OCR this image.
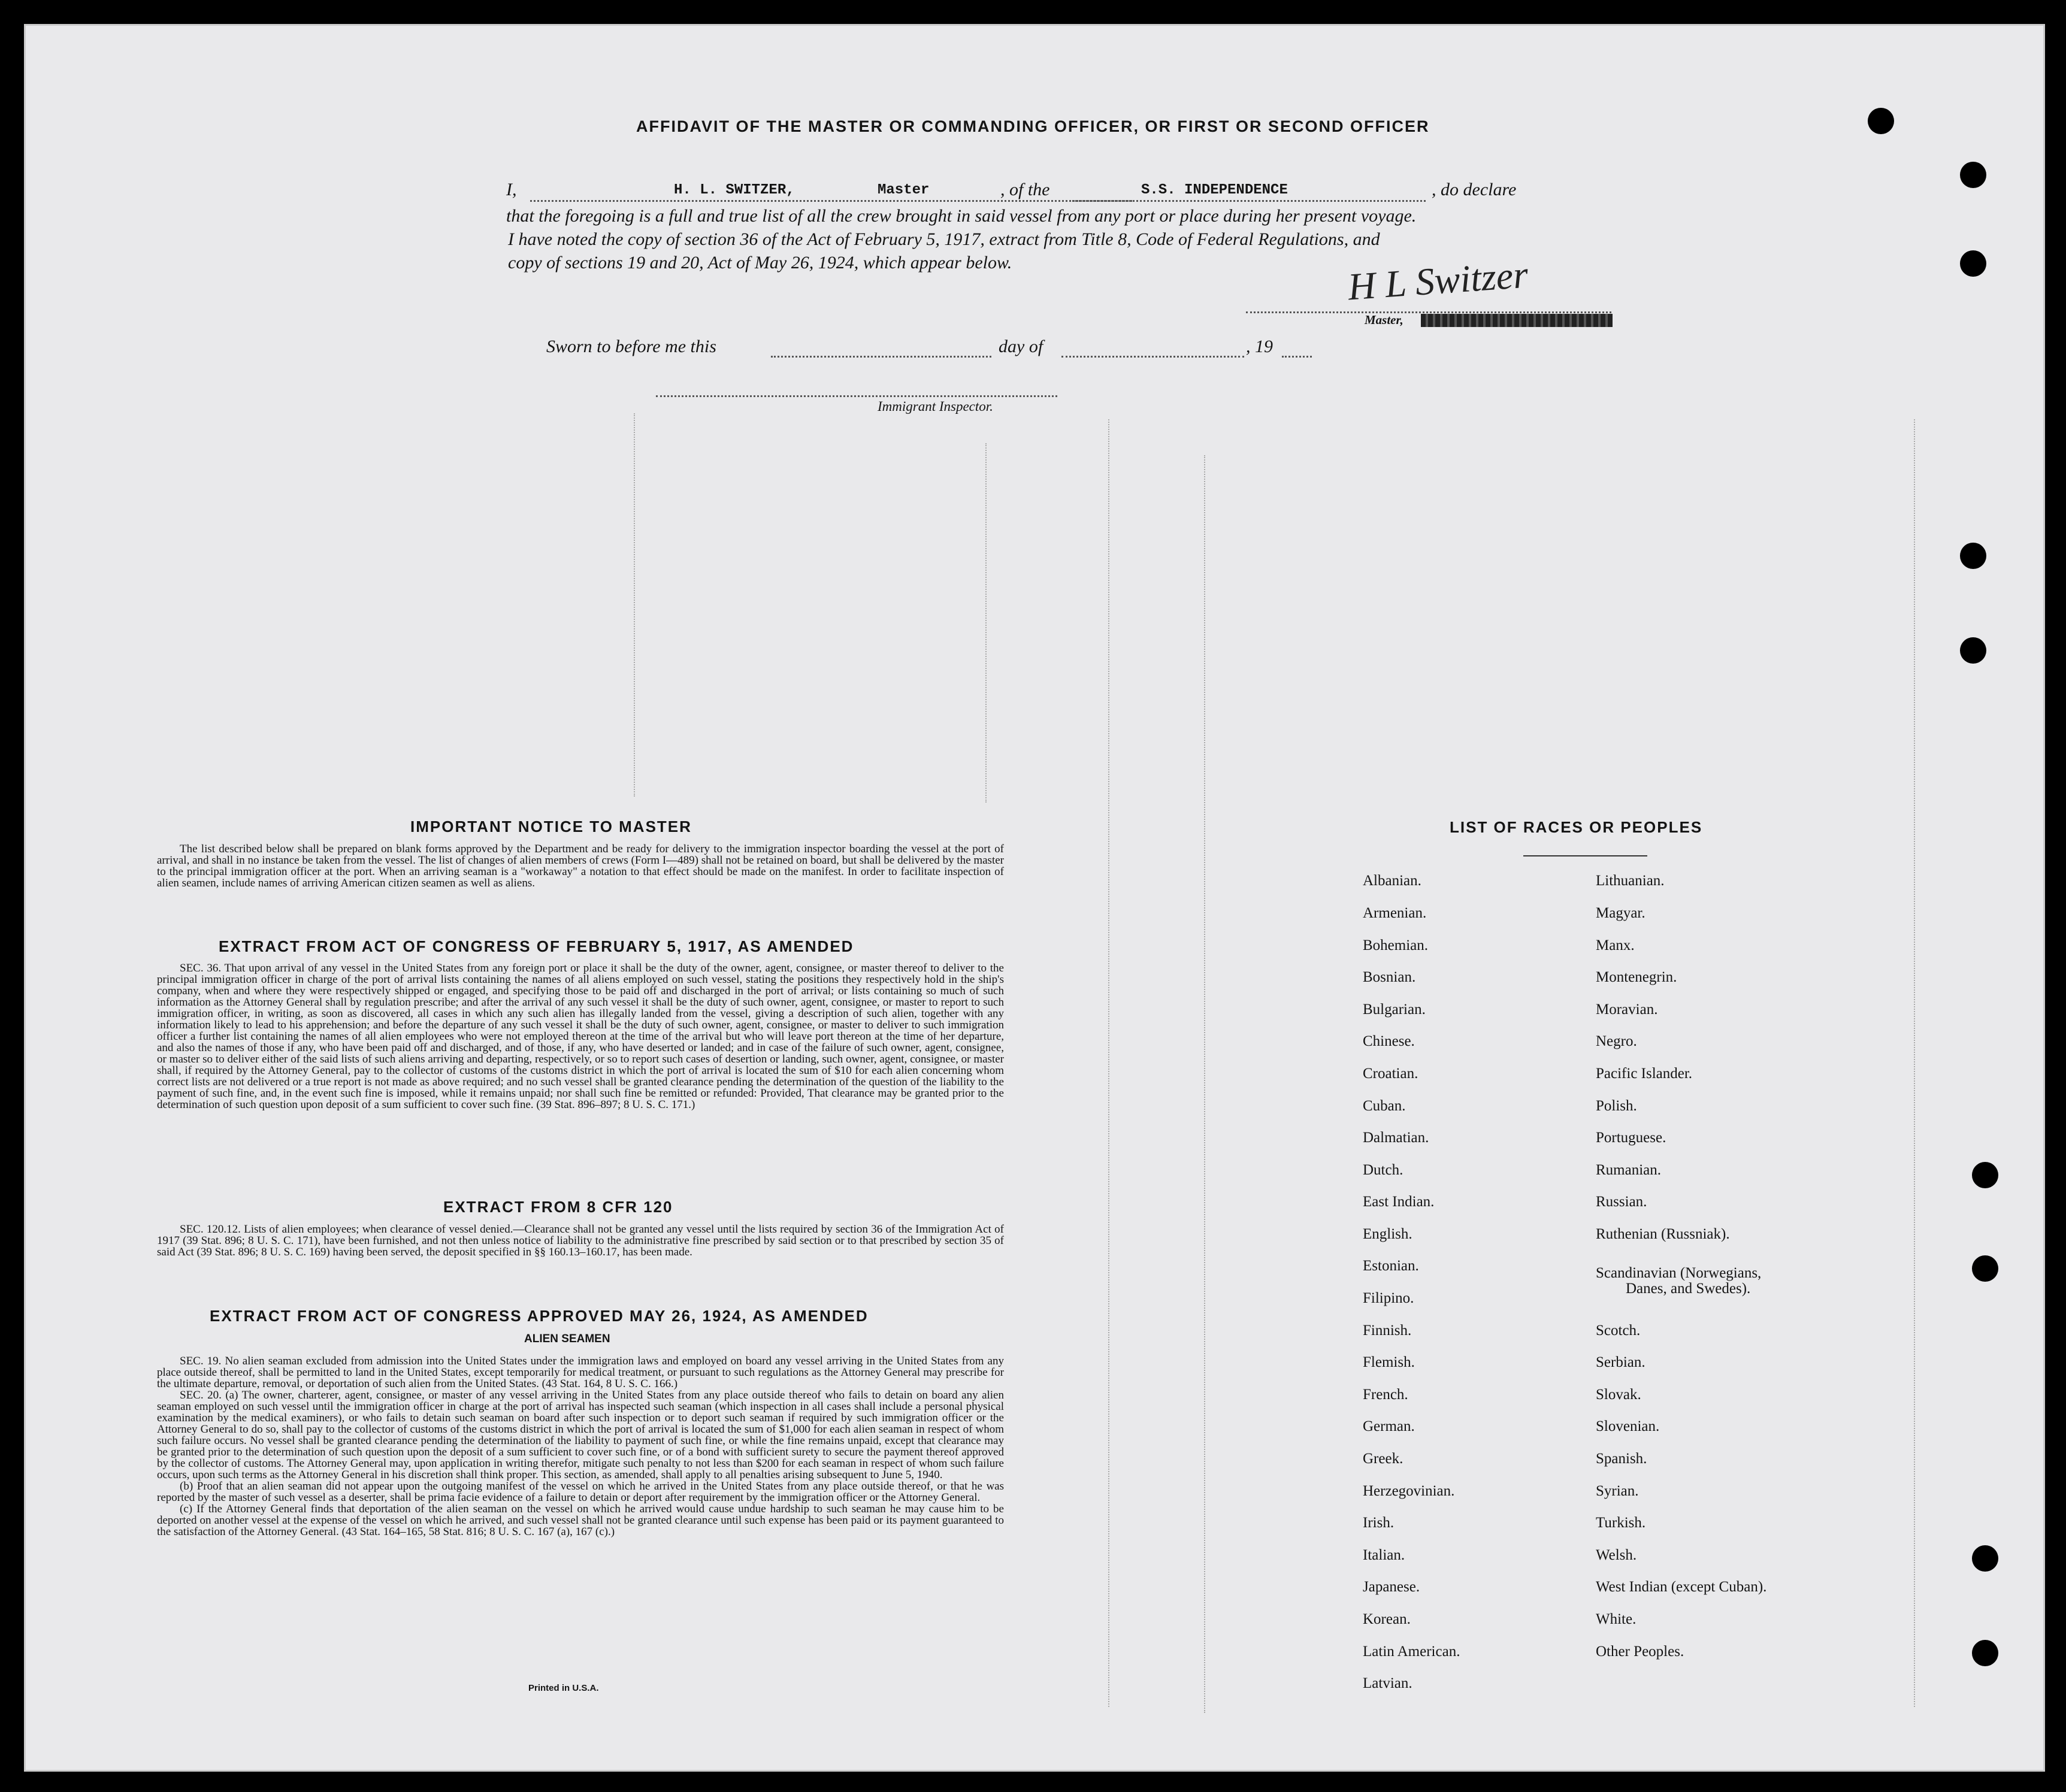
AFFIDAVIT OF THE MASTER OR COMMANDING OFFICER, OR FIRST OR SECOND OFFICER
I,	H. L. SWITZER,	Master	, of the	S.S. INDEPENDENCE	, do declare
that the foregoing is a full and true list of all the crew brought in said vessel from any port or place during her present voyage.
I have noted the copy of section 36 of the Act of February 5, 1917, extract from Title 8, Code of Federal Regulations, and
copy of sections 19 and 20, Act of May 26, 1924, which appear below.	H L Switzer
Master,
Sworn to before me this	day of	, 19
Immigrant Inspector.
IMPORTANT NOTICE TO MASTER
The list described below shall be prepared on blank forms approved by the Department and be ready for delivery to the immigration inspector boarding the vessel at the port of arrival, and shall in no instance be taken from the vessel. The list of changes of alien members of crews (Form I—489) shall not be retained on board, but shall be delivered by the master to the principal immigration officer at the port. When an arriving seaman is a "workaway" a notation to that effect should be made on the manifest. In order to facilitate inspection of alien seamen, include names of arriving American citizen seamen as well as aliens.
EXTRACT FROM ACT OF CONGRESS OF FEBRUARY 5, 1917, AS AMENDED
SEC. 36. That upon arrival of any vessel in the United States from any foreign port or place it shall be the duty of the owner, agent, consignee, or master thereof to deliver to the principal immigration officer in charge of the port of arrival lists containing the names of all aliens employed on such vessel, stating the positions they respectively hold in the ship's company, when and where they were respectively shipped or engaged, and specifying those to be paid off and discharged in the port of arrival; or lists containing so much of such information as the Attorney General shall by regulation prescribe; and after the arrival of any such vessel it shall be the duty of such owner, agent, consignee, or master to report to such immigration officer, in writing, as soon as discovered, all cases in which any such alien has illegally landed from the vessel, giving a description of such alien, together with any information likely to lead to his apprehension; and before the departure of any such vessel it shall be the duty of such owner, agent, consignee, or master to deliver to such immigration officer a further list containing the names of all alien employees who were not employed thereon at the time of the arrival but who will leave port thereon at the time of her departure, and also the names of those if any, who have been paid off and discharged, and of those, if any, who have deserted or landed; and in case of the failure of such owner, agent, consignee, or master so to deliver either of the said lists of such aliens arriving and departing, respectively, or so to report such cases of desertion or landing, such owner, agent, consignee, or master shall, if required by the Attorney General, pay to the collector of customs of the customs district in which the port of arrival is located the sum of $10 for each alien concerning whom correct lists are not delivered or a true report is not made as above required; and no such vessel shall be granted clearance pending the determination of the question of the liability to the payment of such fine, and, in the event such fine is imposed, while it remains unpaid; nor shall such fine be remitted or refunded: Provided, That clearance may be granted prior to the determination of such question upon deposit of a sum sufficient to cover such fine. (39 Stat. 896–897; 8 U. S. C. 171.)
EXTRACT FROM 8 CFR 120
SEC. 120.12. Lists of alien employees; when clearance of vessel denied.—Clearance shall not be granted any vessel until the lists required by section 36 of the Immigration Act of 1917 (39 Stat. 896; 8 U. S. C. 171), have been furnished, and not then unless notice of liability to the administrative fine prescribed by said section or to that prescribed by section 35 of said Act (39 Stat. 896; 8 U. S. C. 169) having been served, the deposit specified in §§ 160.13–160.17, has been made.
EXTRACT FROM ACT OF CONGRESS APPROVED MAY 26, 1924, AS AMENDED
ALIEN SEAMEN
SEC. 19. No alien seaman excluded from admission into the United States under the immigration laws and employed on board any vessel arriving in the United States from any place outside thereof, shall be permitted to land in the United States, except temporarily for medical treatment, or pursuant to such regulations as the Attorney General may prescribe for the ultimate departure, removal, or deportation of such alien from the United States. (43 Stat. 164, 8 U. S. C. 166.)
SEC. 20. (a) The owner, charterer, agent, consignee, or master of any vessel arriving in the United States from any place outside thereof who fails to detain on board any alien seaman employed on such vessel until the immigration officer in charge at the port of arrival has inspected such seaman (which inspection in all cases shall include a personal physical examination by the medical examiners), or who fails to detain such seaman on board after such inspection or to deport such seaman if required by such immigration officer or the Attorney General to do so, shall pay to the collector of customs of the customs district in which the port of arrival is located the sum of $1,000 for each alien seaman in respect of whom such failure occurs. No vessel shall be granted clearance pending the determination of the liability to payment of such fine, or while the fine remains unpaid, except that clearance may be granted prior to the determination of such question upon the deposit of a sum sufficient to cover such fine, or of a bond with sufficient surety to secure the payment thereof approved by the collector of customs. The Attorney General may, upon application in writing therefor, mitigate such penalty to not less than $200 for each seaman in respect of whom such failure occurs, upon such terms as the Attorney General in his discretion shall think proper. This section, as amended, shall apply to all penalties arising subsequent to June 5, 1940.
(b) Proof that an alien seaman did not appear upon the outgoing manifest of the vessel on which he arrived in the United States from any place outside thereof, or that he was reported by the master of such vessel as a deserter, shall be prima facie evidence of a failure to detain or deport after requirement by the immigration officer or the Attorney General.
(c) If the Attorney General finds that deportation of the alien seaman on the vessel on which he arrived would cause undue hardship to such seaman he may cause him to be deported on another vessel at the expense of the vessel on which he arrived, and such vessel shall not be granted clearance until such expense has been paid or its payment guaranteed to the satisfaction of the Attorney General. (43 Stat. 164–165, 58 Stat. 816; 8 U. S. C. 167 (a), 167 (c).)
Printed in U.S.A.
LIST OF RACES OR PEOPLES
Albanian.
Armenian.
Bohemian.
Bosnian.
Bulgarian.
Chinese.
Croatian.
Cuban.
Dalmatian.
Dutch.
East Indian.
English.
Estonian.
Filipino.
Finnish.
Flemish.
French.
German.
Greek.
Herzegovinian.
Irish.
Italian.
Japanese.
Korean.
Latin American.
Latvian.
Lithuanian.
Magyar.
Manx.
Montenegrin.
Moravian.
Negro.
Pacific Islander.
Polish.
Portuguese.
Rumanian.
Russian.
Ruthenian (Russniak).
Scandinavian (Norwegians,
Danes, and Swedes).
Scotch.
Serbian.
Slovak.
Slovenian.
Spanish.
Syrian.
Turkish.
Welsh.
West Indian (except Cuban).
White.
Other Peoples.
